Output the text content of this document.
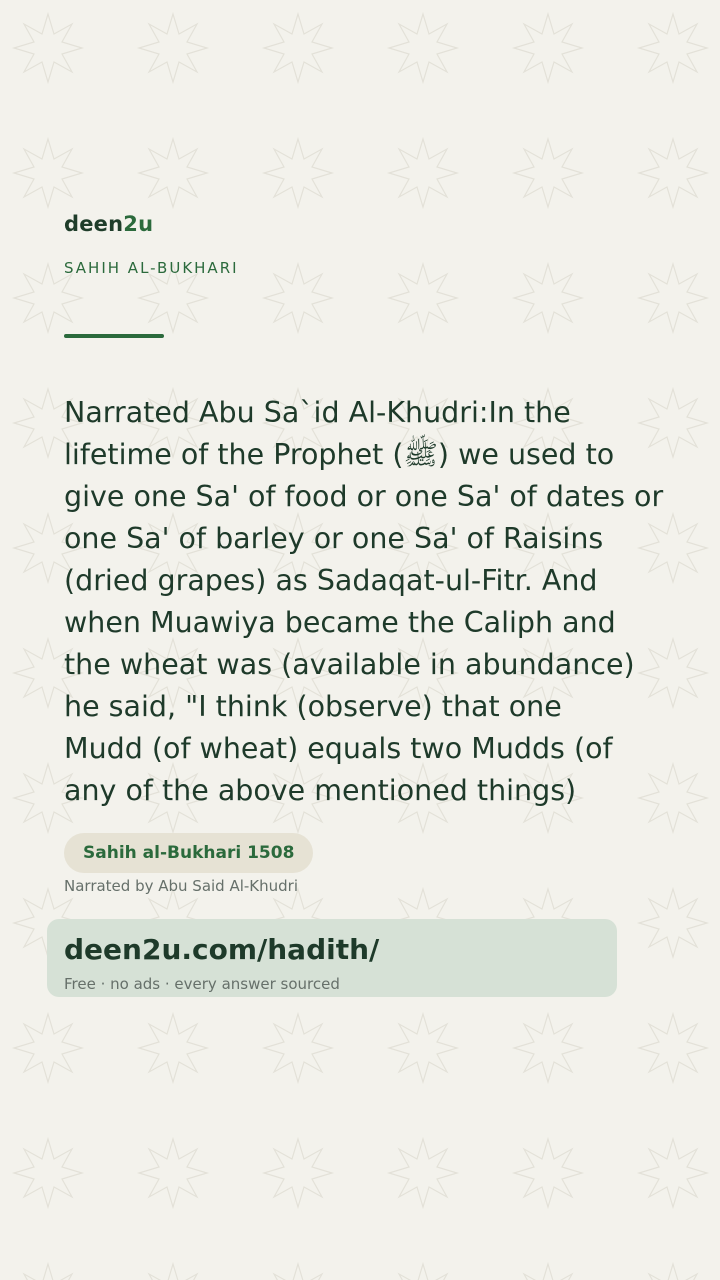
deen2u
SAHIH AL-BUKHARI
Narrated Abu Sa`id Al-Khudri:In the
lifetime of the Prophet (ﷺ) we used to
give one Sa' of food or one Sa' of dates or
one Sa' of barley or one Sa' of Raisins
(dried grapes) as Sadaqat-ul-Fitr. And
when Muawiya became the Caliph and
the wheat was (available in abundance)
he said, "I think (observe) that one
Mudd (of wheat) equals two Mudds (of
any of the above mentioned things)
Sahih al-Bukhari 1508
Narrated by Abu Said Al-Khudri
deen2u.com/hadith/
Free · no ads · every answer sourced
